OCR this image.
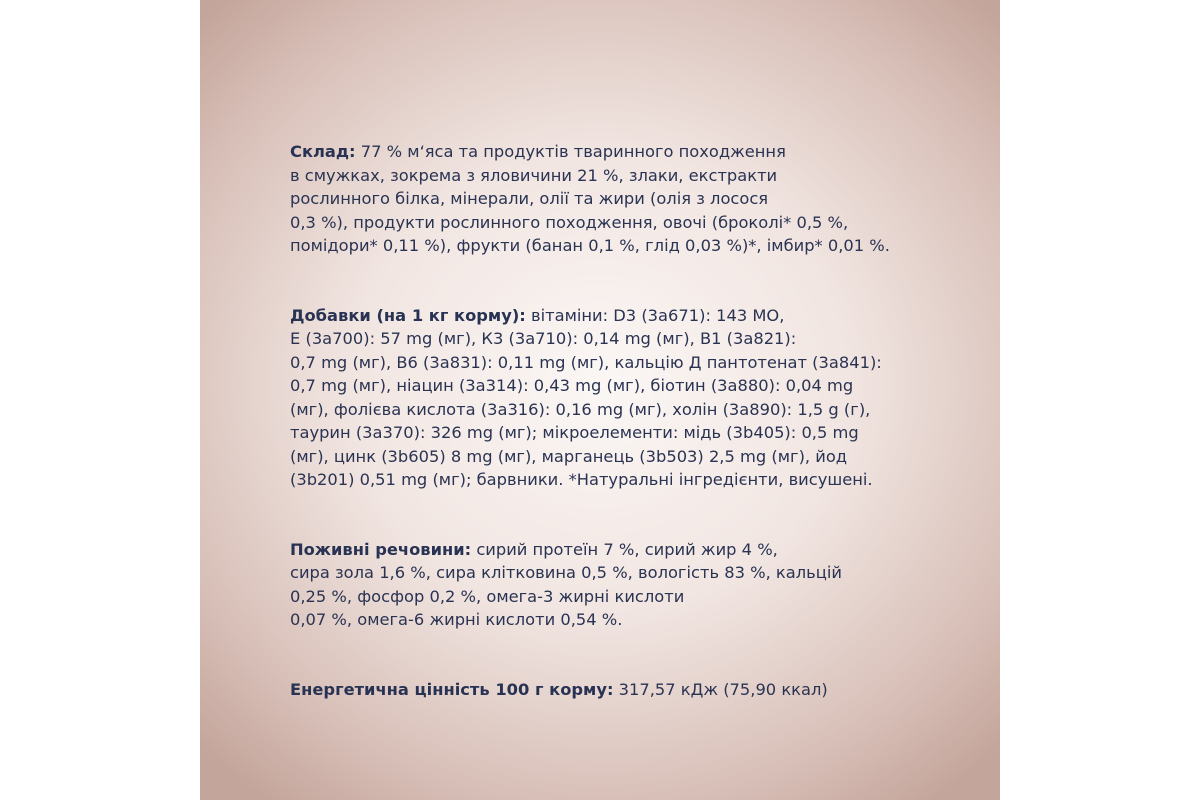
Склад: 77 % м‘яса та продуктів тваринного походження

в смужках, зокрема з яловичини 21 %, злаки, екстракти

рослинного білка, мінерали, олії та жири (олія з лосося

0,3 %), продукти рослинного походження, овочі (броколі* 0,5 %,

помідори* 0,11 %), фрукти (банан 0,1 %, глід 0,03 %)*, імбир* 0,01 %.

Добавки (на 1 кг корму): вітаміни: D3 (3a671): 143 МО,

E (3a700): 57 mg (мг), К3 (3a710): 0,14 mg (мг), В1 (3a821):

0,7 mg (мг), В6 (3a831): 0,11 mg (мг), кальцію Д пантотенат (3a841):

0,7 mg (мг), ніацин (3a314): 0,43 mg (мг), біотин (3a880): 0,04 mg

(мг), фолієва кислота (3a316): 0,16 mg (мг), холін (3a890): 1,5 g (г),

таурин (3a370): 326 mg (мг); мікроелементи: мідь (3b405): 0,5 mg

(мг), цинк (3b605) 8 mg (мг), марганець (3b503) 2,5 mg (мг), йод

(3b201) 0,51 mg (мг); барвники. *Натуральні інгредієнти, висушені.

Поживні речовини: сирий протеїн 7 %, сирий жир 4 %,

сира зола 1,6 %, сира клітковина 0,5 %, вологість 83 %, кальцій

0,25 %, фосфор 0,2 %, омега-3 жирні кислоти

0,07 %, омега-6 жирні кислоти 0,54 %.

Енергетична цінність 100 г корму: 317,57 кДж (75,90 ккал)
